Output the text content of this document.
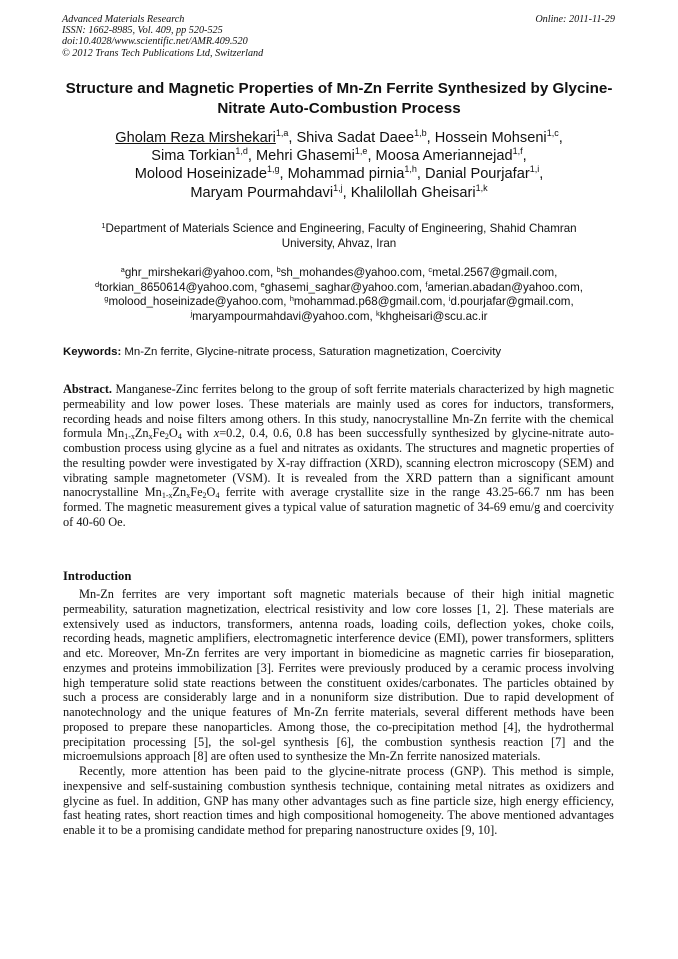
Advanced Materials Research
ISSN: 1662-8985, Vol. 409, pp 520-525
doi:10.4028/www.scientific.net/AMR.409.520
© 2012 Trans Tech Publications Ltd, Switzerland
Online: 2011-11-29
Structure and Magnetic Properties of Mn-Zn Ferrite Synthesized by Glycine-Nitrate Auto-Combustion Process
Gholam Reza Mirshekari$^{1,a}$, Shiva Sadat Daee$^{1,b}$, Hossein Mohseni$^{1,c}$,
Sima Torkian$^{1,d}$, Mehri Ghasemi$^{1,e}$, Moosa Ameriannejad$^{1,f}$,
Molood Hoseinizade$^{1,g}$, Mohammad pirnia$^{1,h}$, Danial Pourjafar$^{1,i}$,
Maryam Pourmahdavi$^{1,j}$, Khalilollah Gheisari$^{1,k}$
$^1$Department of Materials Science and Engineering, Faculty of Engineering, Shahid Chamran
University, Ahvaz, Iran
$^a$ghr_mirshekari@yahoo.com, $^b$sh_mohandes@yahoo.com, $^c$metal.2567@gmail.com,
$^d$torkian_8650614@yahoo.com, $^e$ghasemi_saghar@yahoo.com, $^f$amerian.abadan@yahoo.com,
$^g$molood_hoseinizade@yahoo.com, $^h$mohammad.p68@gmail.com, $^i$d.pourjafar@gmail.com,
$^j$maryampourmahdavi@yahoo.com, $^k$khgheisari@scu.ac.ir
Keywords: Mn-Zn ferrite, Glycine-nitrate process, Saturation magnetization, Coercivity
Abstract. Manganese-Zinc ferrites belong to the group of soft ferrite materials characterized by high magnetic permeability and low power loses. These materials are mainly used as cores for inductors, transformers, recording heads and noise filters among others. In this study, nanocrystalline Mn-Zn ferrite with the chemical formula $Mn_{1-x}Zn_xFe_2O_4$ with x=0.2, 0.4, 0.6, 0.8 has been successfully synthesized by glycine-nitrate auto-combustion process using glycine as a fuel and nitrates as oxidants. The structures and magnetic properties of the resulting powder were investigated by X-ray diffraction (XRD), scanning electron microscopy (SEM) and vibrating sample magnetometer (VSM). It is revealed from the XRD pattern than a significant amount nanocrystalline $Mn_{1-x}Zn_xFe_2O_4$ ferrite with average crystallite size in the range 43.25-66.7 nm has been formed. The magnetic measurement gives a typical value of saturation magnetic of 34-69 emu/g and coercivity of 40-60 Oe.
Introduction

Mn-Zn ferrites are very important soft magnetic materials because of their high initial magnetic permeability, saturation magnetization, electrical resistivity and low core losses [1, 2]. These materials are extensively used as inductors, transformers, antenna roads, loading coils, deflection yokes, choke coils, recording heads, magnetic amplifiers, electromagnetic interference device (EMI), power transformers, splitters and etc. Moreover, Mn-Zn ferrites are very important in biomedicine as magnetic carries fir bioseparation, enzymes and proteins immobilization [3]. Ferrites were previously produced by a ceramic process involving high temperature solid state reactions between the constituent oxides/carbonates. The particles obtained by such a process are considerably large and in a nonuniform size distribution. Due to rapid development of nanotechnology and the unique features of Mn-Zn ferrite materials, several different methods have been proposed to prepare these nanoparticles. Among those, the co-precipitation method [4], the hydrothermal precipitation processing [5], the sol-gel synthesis [6], the combustion synthesis reaction [7] and the microemulsions approach [8] are often used to synthesize the Mn-Zn ferrite nanosized materials.

Recently, more attention has been paid to the glycine-nitrate process (GNP). This method is simple, inexpensive and self-sustaining combustion synthesis technique, containing metal nitrates as oxidizers and glycine as fuel. In addition, GNP has many other advantages such as fine particle size, high energy efficiency, fast heating rates, short reaction times and high compositional homogeneity. The above mentioned advantages enable it to be a promising candidate method for preparing nanostructure oxides [9, 10].
